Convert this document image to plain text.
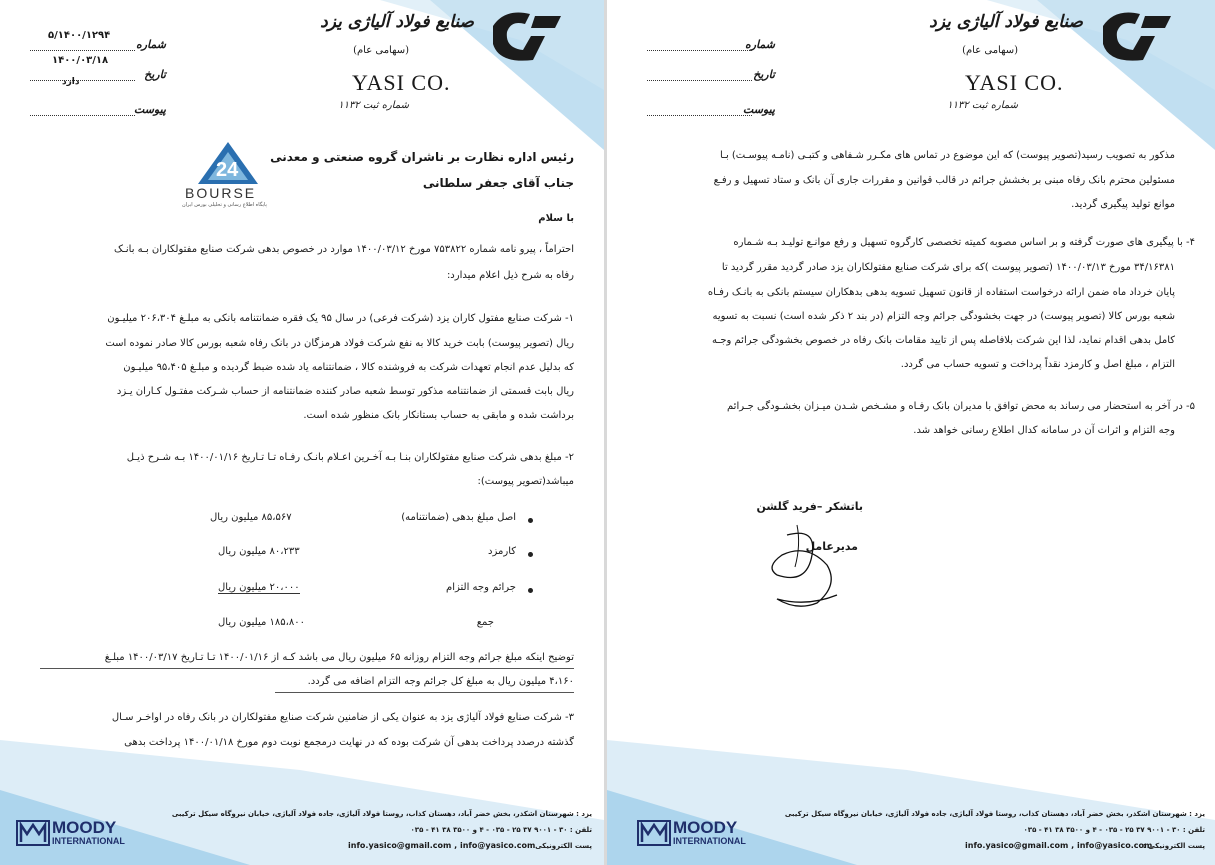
صنایع فولاد آلیاژی یزد
(سهامی عام)
YASI CO.
شماره ثبت ۱۱۳۲
شماره
۵/۱۴۰۰/۱۲۹۴
تاریخ
۱۴۰۰/۰۳/۱۸
دارد
پیوست
24
BOURSE
پایگاه اطلاع رسانی و تحلیلی بورس ایران
رئیس اداره نظارت بر ناشران گروه صنعتی و معدنی
جناب آقای جعفر سلطانی
با سلام
احتراماً ، پیرو نامه شماره ۷۵۳۸۲۲ مورخ ۱۴۰۰/۰۳/۱۲ موارد در خصوص بدهی شرکت صنایع مفتولکاران بـه بانـک
رفاه به شرح ذیل اعلام میدارد:
۱- شرکت صنایع مفتول کاران یزد (شرکت فرعی) در سال ۹۵ یک فقره ضمانتنامه بانکی به مبلـغ ۲۰۶،۳۰۴ میلیـون
ریال (تصویر پیوست) بابت خرید کالا به نفع شرکت فولاد هرمزگان در بانک رفاه شعبه بورس کالا صادر نموده است
که بدلیل عدم انجام تعهدات شرکت به فروشنده کالا ، ضمانتنامه یاد شده ضبط گردیده و مبلـغ ۹۵،۴۰۵ میلیـون
ریال بابت قسمتی از ضمانتنامه مذکور توسط شعبه صادر کننده ضمانتنامه از حساب شـرکت مفتـول کـاران یـزد
برداشت شده و مابقی به حساب بستانکار بانک منظور شده است.
۲- مبلغ بدهی شرکت صنایع مفتولکاران بنـا بـه آخـرین اعـلام بانـک رفـاه تـا تـاریخ ۱۴۰۰/۰۱/۱۶ بـه شـرح ذیـل
میباشد(تصویر پیوست):
اصل مبلغ بدهی (ضمانتنامه)
۸۵،۵۶۷ میلیون ریال
کارمزد
۸۰،۲۳۳ میلیون ریال
جرائم وجه التزام
۲۰،۰۰۰ میلیون ریال
جمع
۱۸۵،۸۰۰ میلیون ریال
توضیح اینکه مبلغ جرائم وجه التزام روزانه ۶۵ میلیون ریال می باشد کـه از ۱۴۰۰/۰۱/۱۶ تـا تـاریخ ۱۴۰۰/۰۳/۱۷ مبلـغ
۴،۱۶۰ میلیون ریال به مبلغ کل جرائم وجه التزام اضافه می گردد.
۳- شرکت صنایع فولاد آلیاژی یزد به عنوان یکی از ضامنین شرکت صنایع مفتولکاران در بانک رفاه در اواخـر سـال
گذشته درصدد پرداخت بدهی آن شرکت بوده که در نهایت درمجمع نوبت دوم مورخ ۱۴۰۰/۰۱/۱۸ پرداخت بدهی
یزد : شهرستان اشکذر، بخش خضر آباد، دهستان کذاب، روستا فولاد آلیاژی، جاده فولاد آلیاژی، خیابان نیروگاه سیکل ترکیبی
تلفن : ۳۰ - ۹۰۰۱ ۳۷ ۲۵ - ۰۳۵ - ۴ و ۳۵۰۰ ۳۸ ۴۱ - ۰۳۵
پست الکترونیکی :
info.yasico@gmail.com , info@yasico.com
MOODY
INTERNATIONAL
صنایع فولاد آلیاژی یزد
(سهامی عام)
YASI CO.
شماره ثبت ۱۱۳۲
شماره
تاریخ
پیوست
مذکور به تصویب رسید(تصویر پیوست) که این موضوع در تماس های مکـرر شـفاهی و کتبـی (نامـه پیوسـت) بـا
مسئولین محترم بانک رفاه مبنی بر بخشش جرائم در قالب قوانین و مقررات جاری آن بانک و ستاد تسهیل و رفـع
موانع تولید پیگیری گردید.
۴- با پیگیری های صورت گرفته و بر اساس مصوبه کمیته تخصصی کارگروه تسهیل و رفع موانـع تولیـد بـه شـماره
۳۴/۱۶۳۸۱ مورخ ۱۴۰۰/۰۳/۱۳ (تصویر پیوست )که برای شرکت صنایع مفتولکاران یزد صادر گردید مقرر گردید تا
پایان خرداد ماه ضمن ارائه درخواست استفاده از قانون تسهیل تسویه بدهی بدهکاران سیستم بانکی به بانـک رفـاه
شعبه بورس کالا (تصویر پیوست) در جهت بخشودگی جرائم وجه التزام (در بند ۲ ذکر شده است) نسبت به تسویه
کامل بدهی اقدام نماید، لذا این شرکت بلافاصله پس از تایید مقامات بانک رفاه در خصوص بخشودگی جرائم وجـه
التزام ، مبلغ اصل و کارمزد نقداً پرداخت و تسویه حساب می گردد.
۵- در آخر به استحضار می رساند به محض توافق با مدیران بانک رفـاه و مشـخص شـدن میـزان بخشـودگی جـرائم
وجه التزام و اثرات آن در سامانه کدال اطلاع رسانی خواهد شد.
باتشکر –فرید گلشن
مدیرعامل
یزد : شهرستان اشکذر، بخش خضر آباد، دهستان کذاب، روستا فولاد آلیاژی، جاده فولاد آلیاژی، خیابان نیروگاه سیکل ترکیبی
تلفن : ۳۰ - ۹۰۰۱ ۳۷ ۲۵ - ۰۳۵ - ۴ و ۳۵۰۰ ۳۸ ۴۱ - ۰۳۵
پست الکترونیکی :
info.yasico@gmail.com , info@yasico.com
MOODY
INTERNATIONAL
